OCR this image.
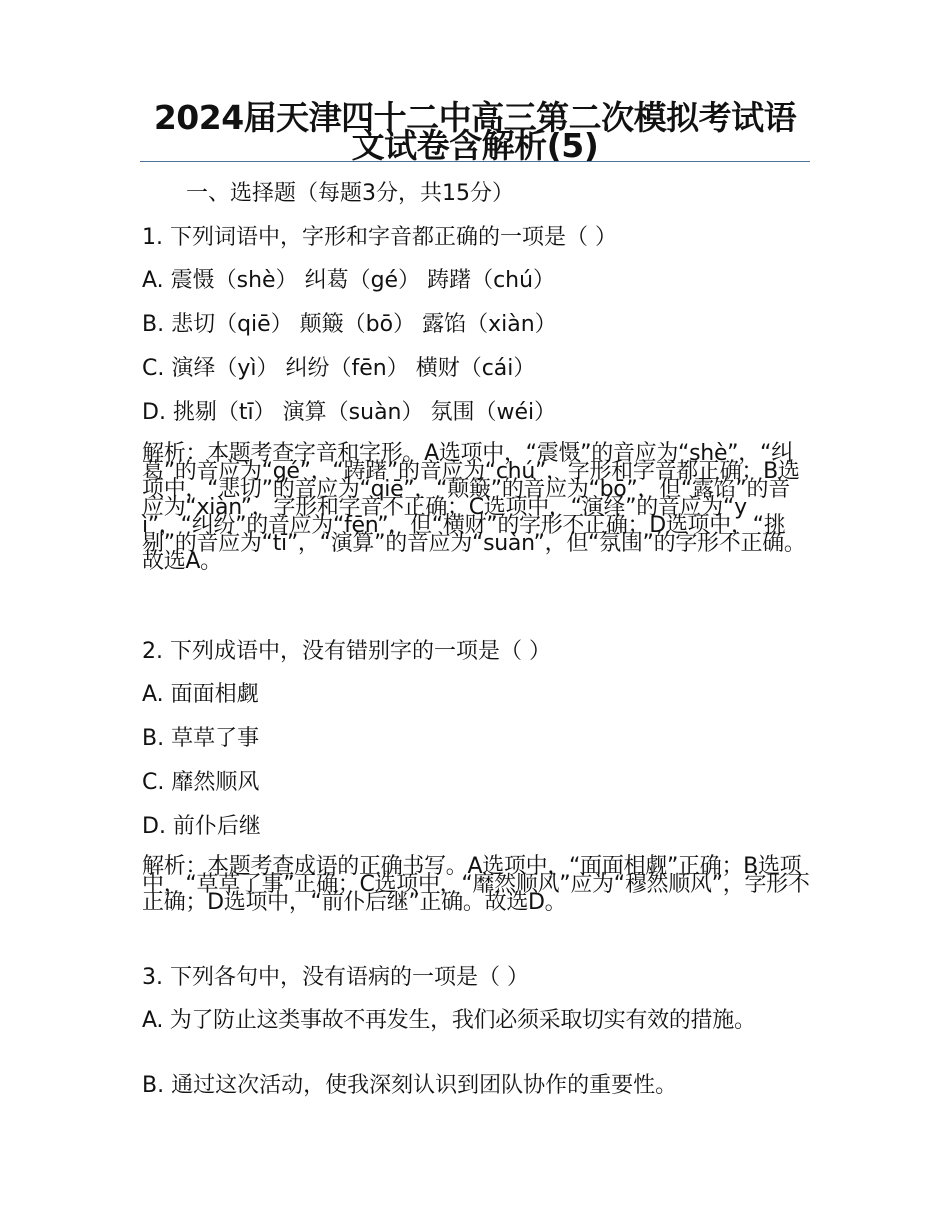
2024届天津四十二中高三第二次模拟考试语文试卷含解析(5)
一、选择题（每题3分，共15分）
1. 下列词语中，字形和字音都正确的一项是（ ）
A. 震慑（shè） 纠葛（gé） 踌躇（chú）
B. 悲切（qiē） 颠簸（bō） 露馅（xiàn）
C. 演绎（yì） 纠纷（fēn） 横财（cái）
D. 挑剔（tī） 演算（suàn） 氛围（wéi）
解析：本题考查字音和字形。A选项中，“震慑”的音应为“shè”，“纠葛”的音应为“gé”，“踌躇”的音应为“chú”，字形和字音都正确；B选项中，“悲切”的音应为“qiē”，“颠簸”的音应为“bō”，但“露馅”的音应为“xiàn”，字形和字音不正确；C选项中，“演绎”的音应为“yì”，“纠纷”的音应为“fēn”，但“横财”的字形不正确；D选项中，“挑剔”的音应为“tī”，“演算”的音应为“suàn”，但“氛围”的字形不正确。故选A。
2. 下列成语中，没有错别字的一项是（ ）
A. 面面相觑
B. 草草了事
C. 靡然顺风
D. 前仆后继
解析：本题考查成语的正确书写。A选项中，“面面相觑”正确；B选项中，“草草了事”正确；C选项中，“靡然顺风”应为“穆然顺风”，字形不正确；D选项中，“前仆后继”正确。故选D。
3. 下列各句中，没有语病的一项是（ ）
A. 为了防止这类事故不再发生，我们必须采取切实有效的措施。
B. 通过这次活动，使我深刻认识到团队协作的重要性。
